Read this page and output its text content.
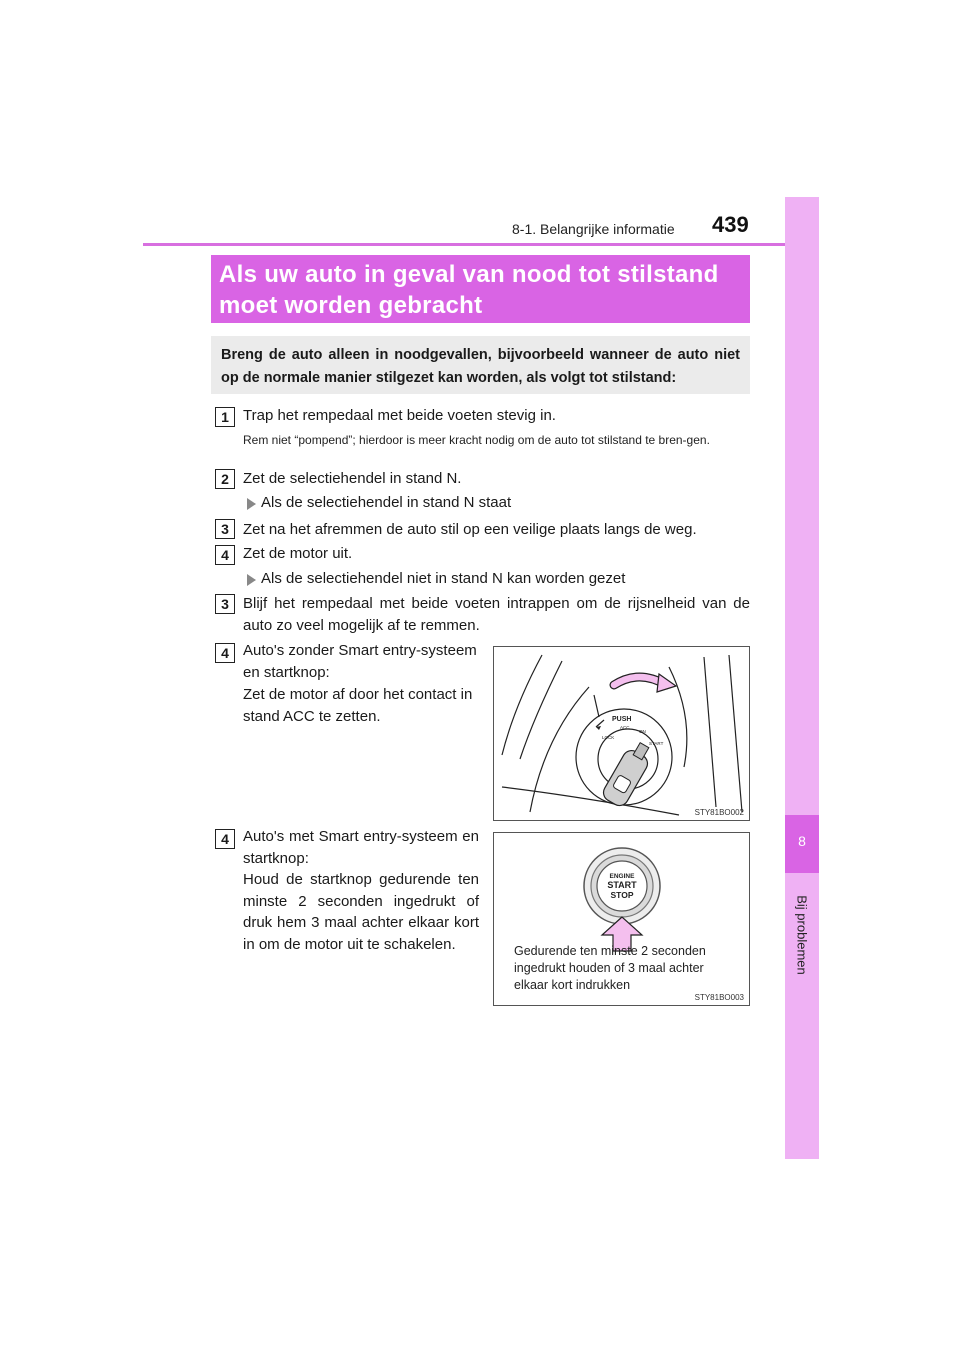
8-1. Belangrijke informatie 439
8
Bij problemen
Als uw auto in geval van nood tot stilstand
moet worden gebracht
Breng de auto alleen in noodgevallen, bijvoorbeeld wanneer de auto niet op de normale manier stilgezet kan worden, als volgt tot stilstand:
1 Trap het rempedaal met beide voeten stevig in.
Rem niet “pompend”; hierdoor is meer kracht nodig om de auto tot stilstand te bren-gen.
2 Zet de selectiehendel in stand N.
Als de selectiehendel in stand N staat
3 Zet na het afremmen de auto stil op een veilige plaats langs de weg.
4 Zet de motor uit.
Als de selectiehendel niet in stand N kan worden gezet
3 Blijf het rempedaal met beide voeten intrappen om de rijsnelheid van de auto zo veel mogelijk af te remmen.
4 Auto's zonder Smart entry-systeem
en startknop:
Zet de motor af door het contact in
stand ACC te zetten.	PUSH
LOCK
ACC
ON
START
STY81BO002
4 Auto's met Smart entry-systeem en
startknop:
Houd de startknop gedurende ten
minste 2 seconden ingedrukt of
druk hem 3 maal achter elkaar kort
in om de motor uit te schakelen.
ENGINE
START
STOP
Gedurende ten minste 2 seconden
ingedrukt houden of 3 maal achter
elkaar kort indrukken
STY81BO003
